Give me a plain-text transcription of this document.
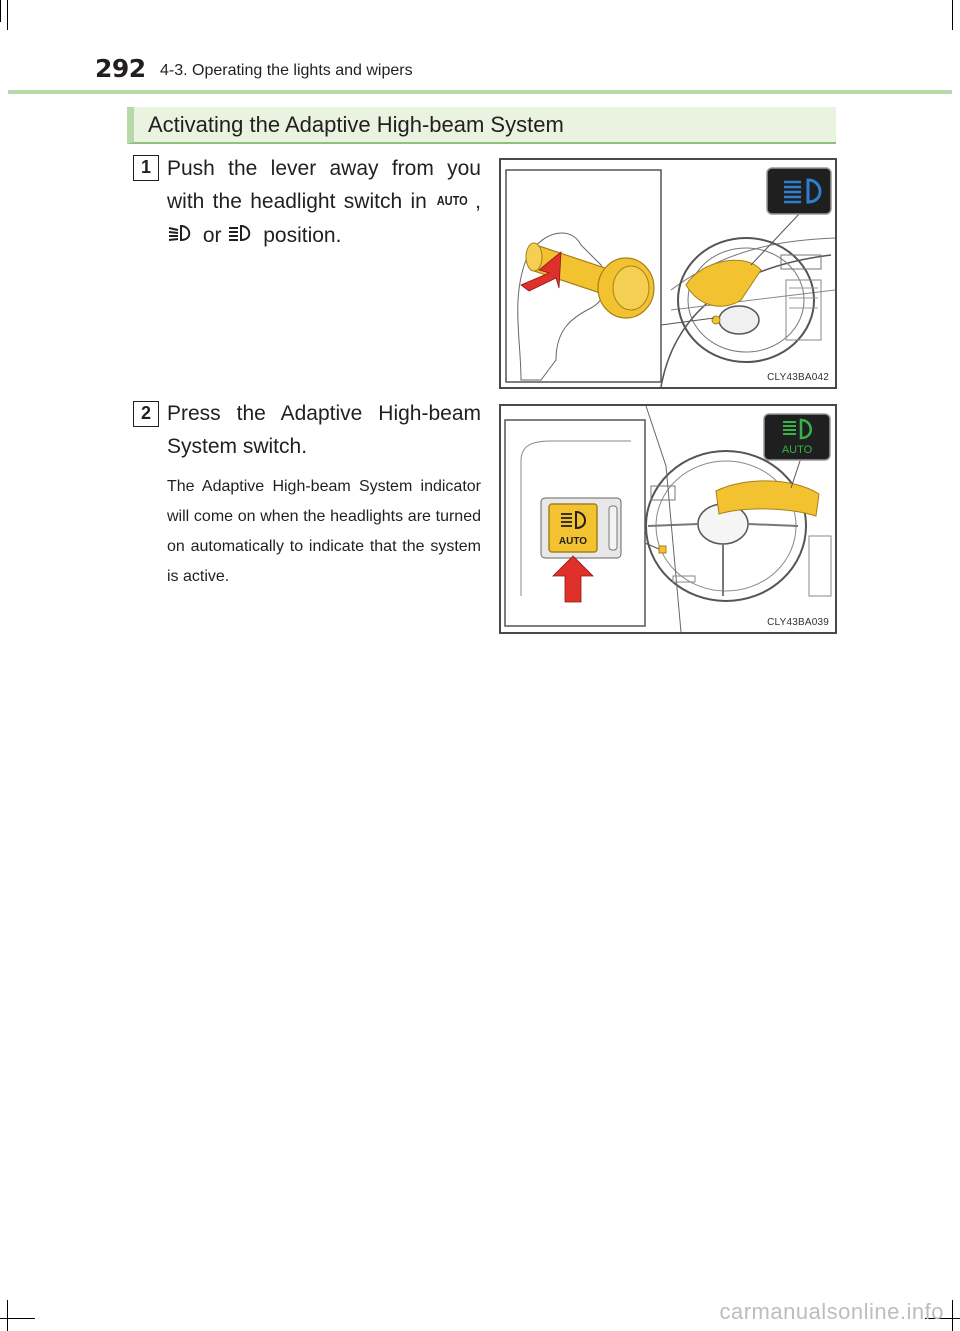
292 4-3. Operating the lights and wipers
Activating the Adaptive High-beam System
1 Push the lever away from you with the headlight switch in AUTO ,  or position.
CLY43BA042
2 Press the Adaptive High-beam System switch.
The Adaptive High-beam System indicator will come on when the headlights are turned on automatically to indicate that the system is active.
AUTO
AUTO
CLY43BA039
carmanualsonline.info
